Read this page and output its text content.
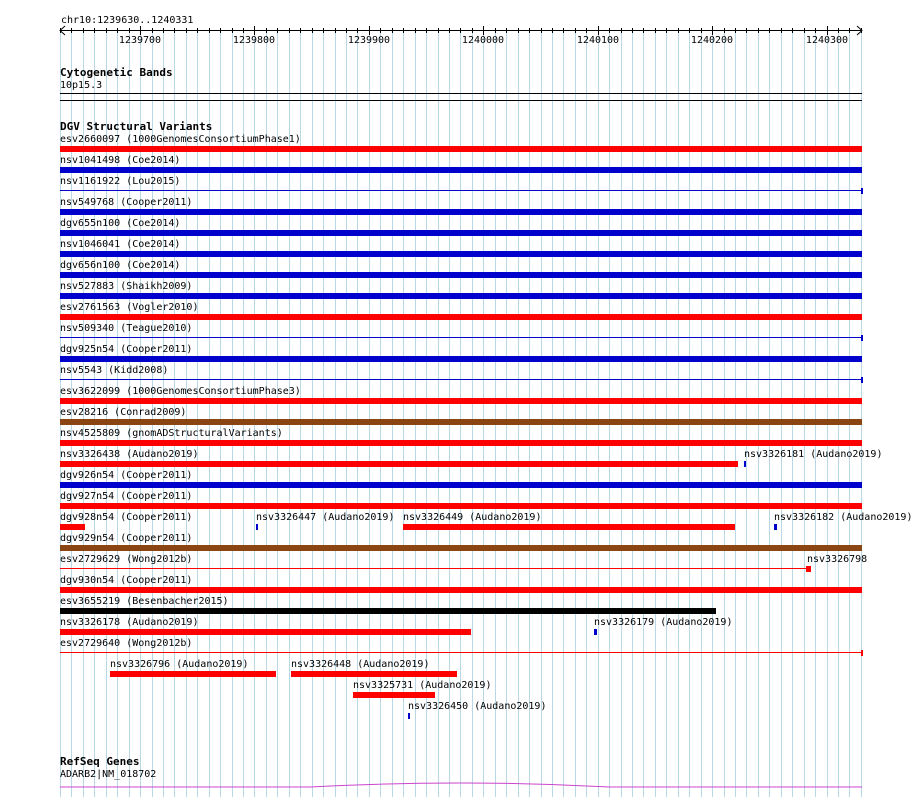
chr10:1239630..1240331
1239700	1239800	1239900	1240000	1240100	1240200	1240300
Cytogenetic Bands
10p15.3
DGV Structural Variants
esv2660097 (1000GenomesConsortiumPhase1)
nsv1041498 (Coe2014)
nsv1161922 (Lou2015)
nsv549768 (Cooper2011)
dgv655n100 (Coe2014)
nsv1046041 (Coe2014)
dgv656n100 (Coe2014)
nsv527883 (Shaikh2009)
esv2761563 (Vogler2010)
nsv509340 (Teague2010)
dgv925n54 (Cooper2011)
nsv5543 (Kidd2008)
esv3622099 (1000GenomesConsortiumPhase3)
esv28216 (Conrad2009)
nsv4525809 (gnomADStructuralVariants)
nsv3326438 (Audano2019)
dgv926n54 (Cooper2011)
dgv927n54 (Cooper2011)
dgv928n54 (Cooper2011)
dgv929n54 (Cooper2011)
esv2729629 (Wong2012b)
dgv930n54 (Cooper2011)
esv3655219 (Besenbacher2015)
nsv3326178 (Audano2019)
esv2729640 (Wong2012b)
nsv3326181 (Audano2019)
nsv3326447 (Audano2019) nsv3326449 (Audano2019)	nsv3326182 (Audano2019)
nsv3326798
nsv3326179 (Audano2019)
nsv3326796 (Audano2019)	nsv3326448 (Audano2019)
nsv3325731 (Audano2019)
nsv3326450 (Audano2019)
RefSeq Genes
ADARB2|NM_018702
